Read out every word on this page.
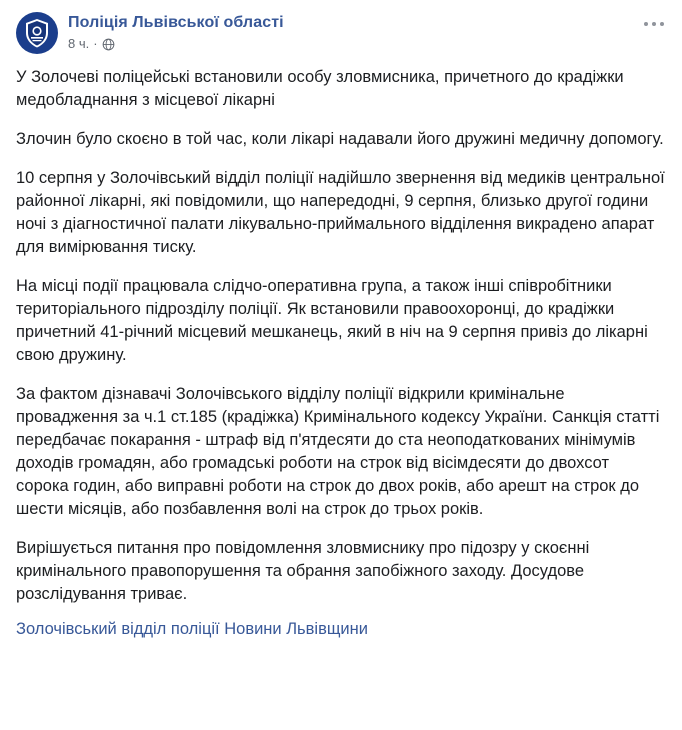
Поліція Львівської області
8 ч. ·

У Золочеві поліцейські встановили особу зловмисника, причетного до крадіжки медобладнання з місцевої лікарні

Злочин було скоєно в той час, коли лікарі надавали його дружині медичну допомогу.

10 серпня у Золочівський відділ поліції надійшло звернення від медиків центральної районної лікарні, які повідомили, що напередодні, 9 серпня, близько другої години ночі з діагностичної палати лікувально-приймального відділення викрадено апарат для вимірювання тиску.

На місці події працювала слідчо-оперативна група, а також інші співробітники територіального підрозділу поліції. Як встановили правоохоронці, до крадіжки причетний 41-річний місцевий мешканець, який в ніч на 9 серпня привіз до лікарні свою дружину.

За фактом дізнавачі Золочівського відділу поліції відкрили кримінальне провадження за ч.1 ст.185 (крадіжка) Кримінального кодексу України. Санкція статті передбачає покарання - штраф від п'ятдесяти до ста неоподаткованих мінімумів доходів громадян, або громадські роботи на строк від вісімдесяти до двохсот сорока годин, або виправні роботи на строк до двох років, або арешт на строк до шести місяців, або позбавлення волі на строк до трьох років.

Вирішується питання про повідомлення зловмиснику про підозру у скоєнні кримінального правопорушення та обрання запобіжного заходу. Досудове розслідування триває.

Золочівський відділ поліції Новини Львівщини
